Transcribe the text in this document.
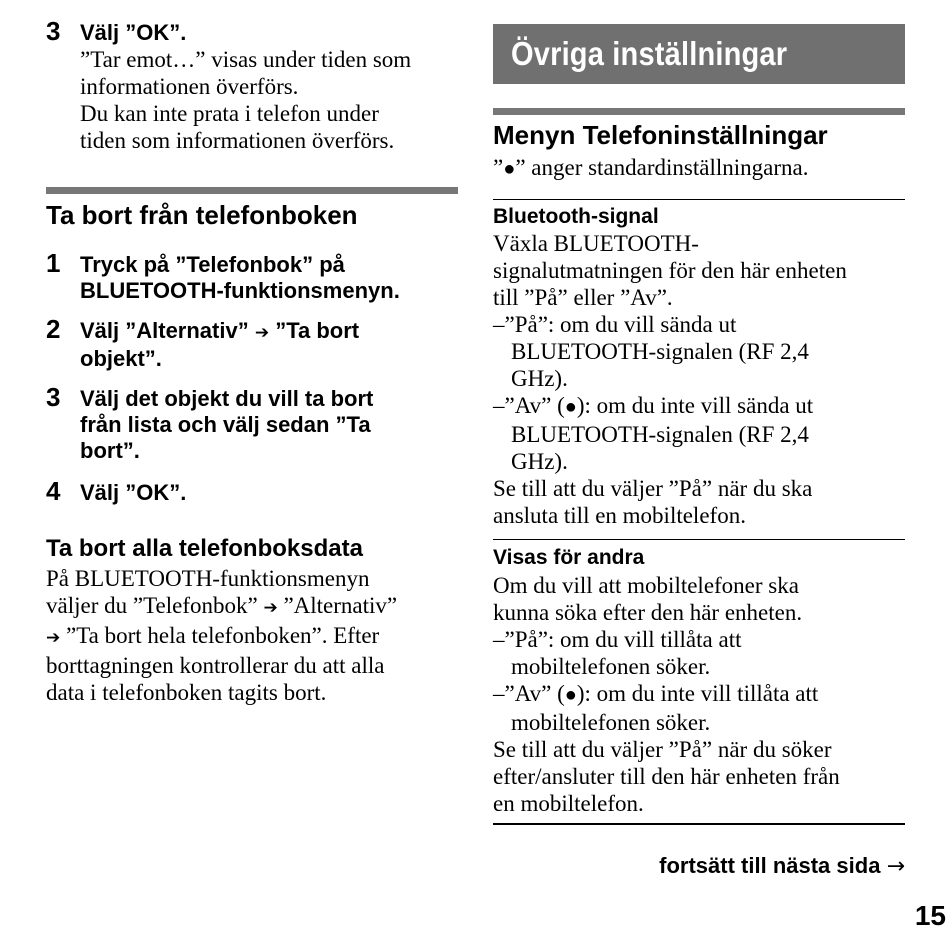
3 Välj ”OK”.
”Tar emot…” visas under tiden som
informationen överförs.
Du kan inte prata i telefon under
tiden som informationen överförs.
Ta bort från telefonboken
1 Tryck på ”Telefonbok” på
BLUETOOTH-funktionsmenyn.
2 Välj ”Alternativ” ➔ ”Ta bort
objekt”.
3 Välj det objekt du vill ta bort
från lista och välj sedan ”Ta
bort”.
4 Välj ”OK”.
Ta bort alla telefonboksdata
På BLUETOOTH-funktionsmenyn
väljer du ”Telefonbok” ➔ ”Alternativ”
➔ ”Ta bort hela telefonboken”. Efter
borttagningen kontrollerar du att alla
data i telefonboken tagits bort.
Övriga inställningar
Menyn Telefoninställningar
”●” anger standardinställningarna.
Bluetooth-signal
Växla BLUETOOTH-
signalutmatningen för den här enheten
till ”På” eller ”Av”.
–”På”: om du vill sända ut
BLUETOOTH-signalen (RF 2,4
GHz).
–”Av” (●): om du inte vill sända ut
BLUETOOTH-signalen (RF 2,4
GHz).
Se till att du väljer ”På” när du ska
ansluta till en mobiltelefon.
Visas för andra
Om du vill att mobiltelefoner ska
kunna söka efter den här enheten.
–”På”: om du vill tillåta att
mobiltelefonen söker.
–”Av” (●): om du inte vill tillåta att
mobiltelefonen söker.
Se till att du väljer ”På” när du söker
efter/ansluter till den här enheten från
en mobiltelefon.
fortsätt till nästa sida →
15
